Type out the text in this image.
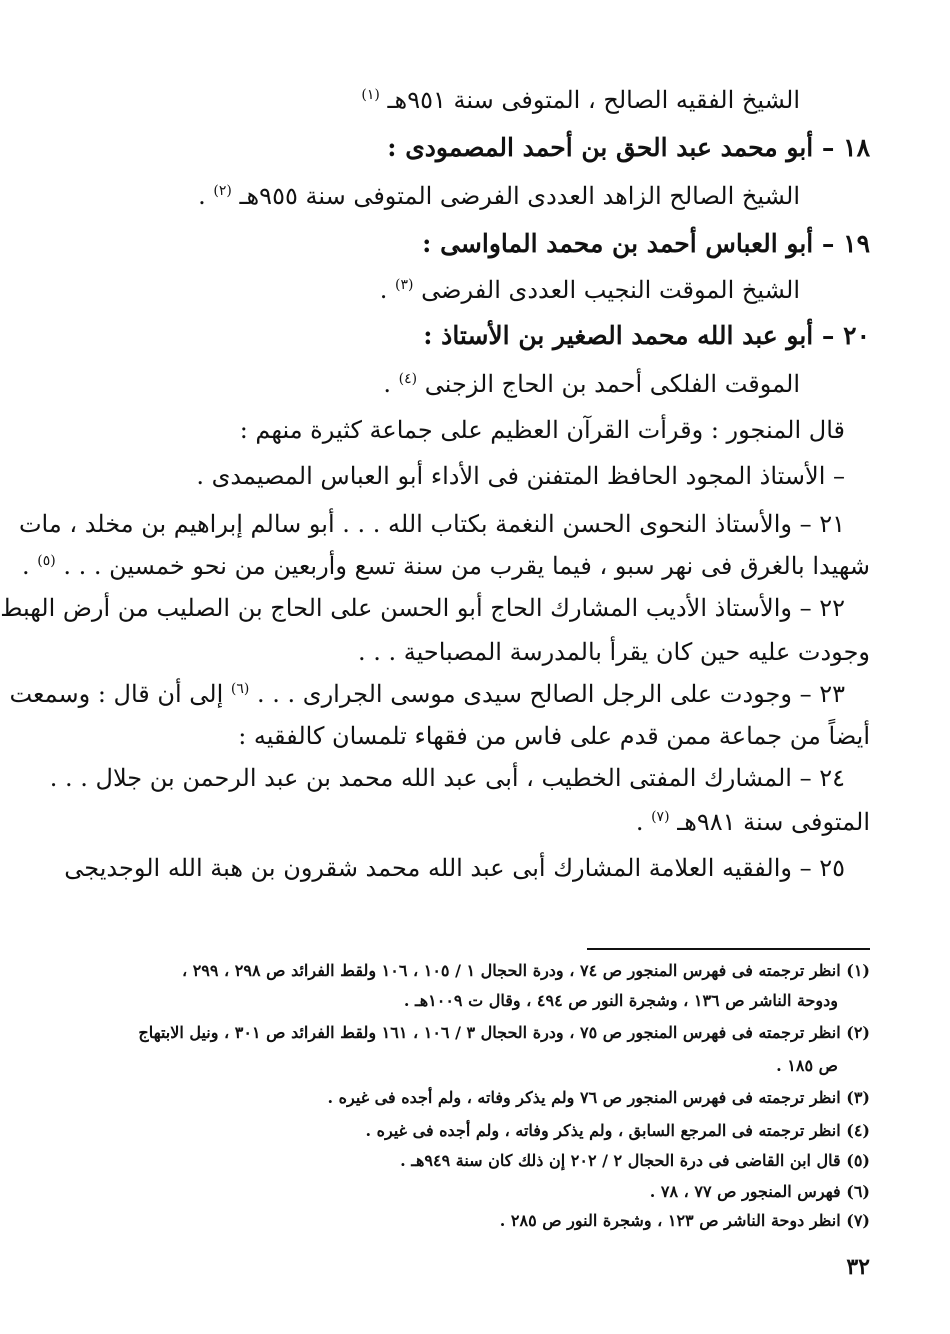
الشيخ الفقيه الصالح ، المتوفى سنة ٩٥١هـ $^{(١)}$
١٨ – أبو محمد عبد الحق بن أحمد المصمودى :
الشيخ الصالح الزاهد العددى الفرضى المتوفى سنة ٩٥٥هـ $^{(٢)}$ .
١٩ – أبو العباس أحمد بن محمد الماواسى :
الشيخ الموقت النجيب العددى الفرضى $^{(٣)}$ .
٢٠ – أبو عبد الله محمد الصغير بن الأستاذ :
الموقت الفلكى أحمد بن الحاج الزجنى $^{(٤)}$ .
قال المنجور : وقرأت القرآن العظيم على جماعة كثيرة منهم :
– الأستاذ المجود الحافظ المتفنن فى الأداء أبو العباس المصيمدى .
٢١ – والأستاذ النحوى الحسن النغمة بكتاب الله . . . أبو سالم إبراهيم بن مخلد ، مات
شهيدا بالغرق فى نهر سبو ، فيما يقرب من سنة تسع وأربعين من نحو خمسين . . . $^{(٥)}$ .
٢٢ – والأستاذ الأديب المشارك الحاج أبو الحسن على الحاج بن الصليب من أرض الهبط
وجودت عليه حين كان يقرأ بالمدرسة المصباحية . . .
٢٣ – وجودت على الرجل الصالح سيدى موسى الجرارى . . . $^{(٦)}$ إلى أن قال : وسمعت
أيضاً من جماعة ممن قدم على فاس من فقهاء تلمسان كالفقيه :
٢٤ – المشارك المفتى الخطيب ، أبى عبد الله محمد بن عبد الرحمن بن جلال . . .
المتوفى سنة ٩٨١هـ $^{(٧)}$ .
٢٥ – والفقيه العلامة المشارك أبى عبد الله محمد شقرون بن هبة الله الوجديجى
(١) انظر ترجمته فى فهرس المنجور ص ٧٤ ، ودرة الحجال ١ / ١٠٥ ، ١٠٦ ولقط الفرائد ص ٢٩٨ ، ٢٩٩ ،
ودوحة الناشر ص ١٣٦ ، وشجرة النور ص ٤٩٤ ، وقال ت ١٠٠٩هـ .
(٢) انظر ترجمته فى فهرس المنجور ص ٧٥ ، ودرة الحجال ٣ / ١٠٦ ، ١٦١ ولقط الفرائد ص ٣٠١ ، ونيل الابتهاج
ص ١٨٥ .
(٣) انظر ترجمته فى فهرس المنجور ص ٧٦ ولم يذكر وفاته ، ولم أجده فى غيره .
(٤) انظر ترجمته فى المرجع السابق ، ولم يذكر وفاته ، ولم أجده فى غيره .
(٥) قال ابن القاضى فى درة الحجال ٢ / ٢٠٢ إن ذلك كان سنة ٩٤٩هـ .
(٦) فهرس المنجور ص ٧٧ ، ٧٨ .
(٧) انظر دوحة الناشر ص ١٢٣ ، وشجرة النور ص ٢٨٥ .
٣٢
